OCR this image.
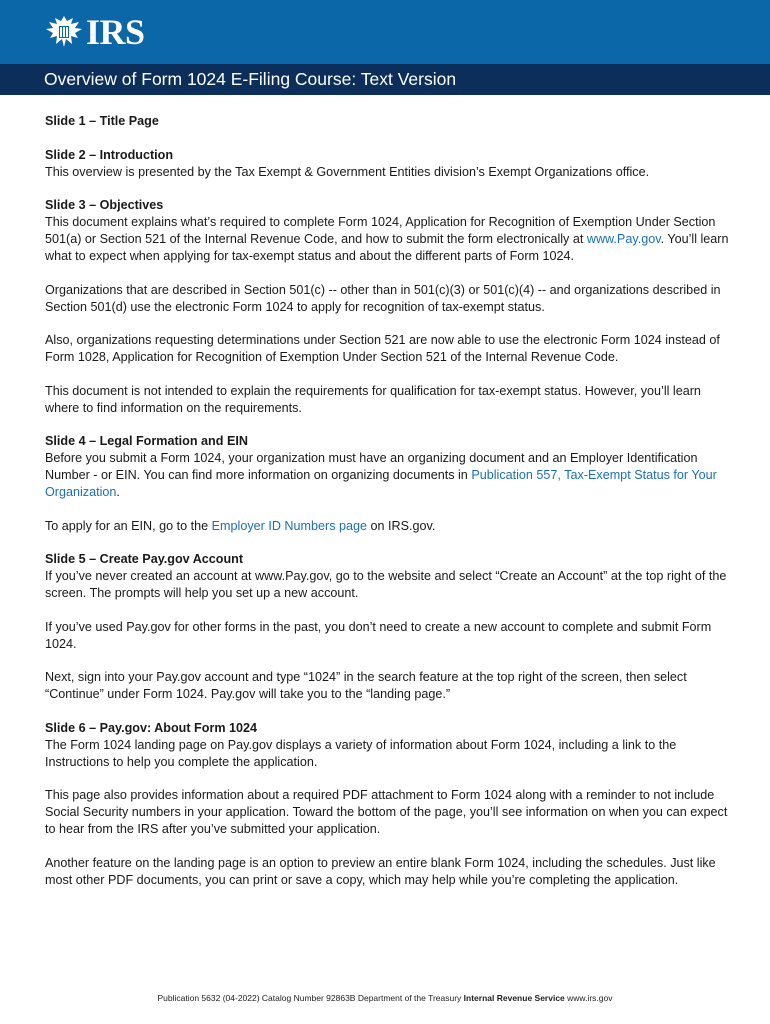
IRS
Overview of Form 1024 E-Filing Course: Text Version
Slide 1 – Title Page
Slide 2 – Introduction

This overview is presented by the Tax Exempt & Government Entities division’s Exempt Organizations office.

Slide 3 – Objectives

This document explains what’s required to complete Form 1024, Application for Recognition of Exemption Under Section 501(a) or Section 521 of the Internal Revenue Code, and how to submit the form electronically at www.Pay.gov. You’ll learn what to expect when applying for tax-exempt status and about the different parts of Form 1024.

Organizations that are described in Section 501(c) -- other than in 501(c)(3) or 501(c)(4) -- and organizations described in Section 501(d) use the electronic Form 1024 to apply for recognition of tax-exempt status.

Also, organizations requesting determinations under Section 521 are now able to use the electronic Form 1024 instead of Form 1028, Application for Recognition of Exemption Under Section 521 of the Internal Revenue Code.

This document is not intended to explain the requirements for qualification for tax-exempt status. However, you’ll learn where to find information on the requirements.

Slide 4 – Legal Formation and EIN

Before you submit a Form 1024, your organization must have an organizing document and an Employer Identification Number - or EIN. You can find more information on organizing documents in Publication 557, Tax-Exempt Status for Your Organization.

To apply for an EIN, go to the Employer ID Numbers page on IRS.gov.

Slide 5 – Create Pay.gov Account

If you’ve never created an account at www.Pay.gov, go to the website and select “Create an Account” at the top right of the screen. The prompts will help you set up a new account.

If you’ve used Pay.gov for other forms in the past, you don’t need to create a new account to complete and submit Form 1024.

Next, sign into your Pay.gov account and type “1024” in the search feature at the top right of the screen, then select “Continue” under Form 1024. Pay.gov will take you to the “landing page.”

Slide 6 – Pay.gov: About Form 1024

The Form 1024 landing page on Pay.gov displays a variety of information about Form 1024, including a link to the Instructions to help you complete the application.

This page also provides information about a required PDF attachment to Form 1024 along with a reminder to not include Social Security numbers in your application. Toward the bottom of the page, you’ll see information on when you can expect to hear from the IRS after you’ve submitted your application.

Another feature on the landing page is an option to preview an entire blank Form 1024, including the schedules. Just like most other PDF documents, you can print or save a copy, which may help while you’re completing the application.

Publication 5632 (04-2022) Catalog Number 92863B Department of the Treasury Internal Revenue Service www.irs.gov
